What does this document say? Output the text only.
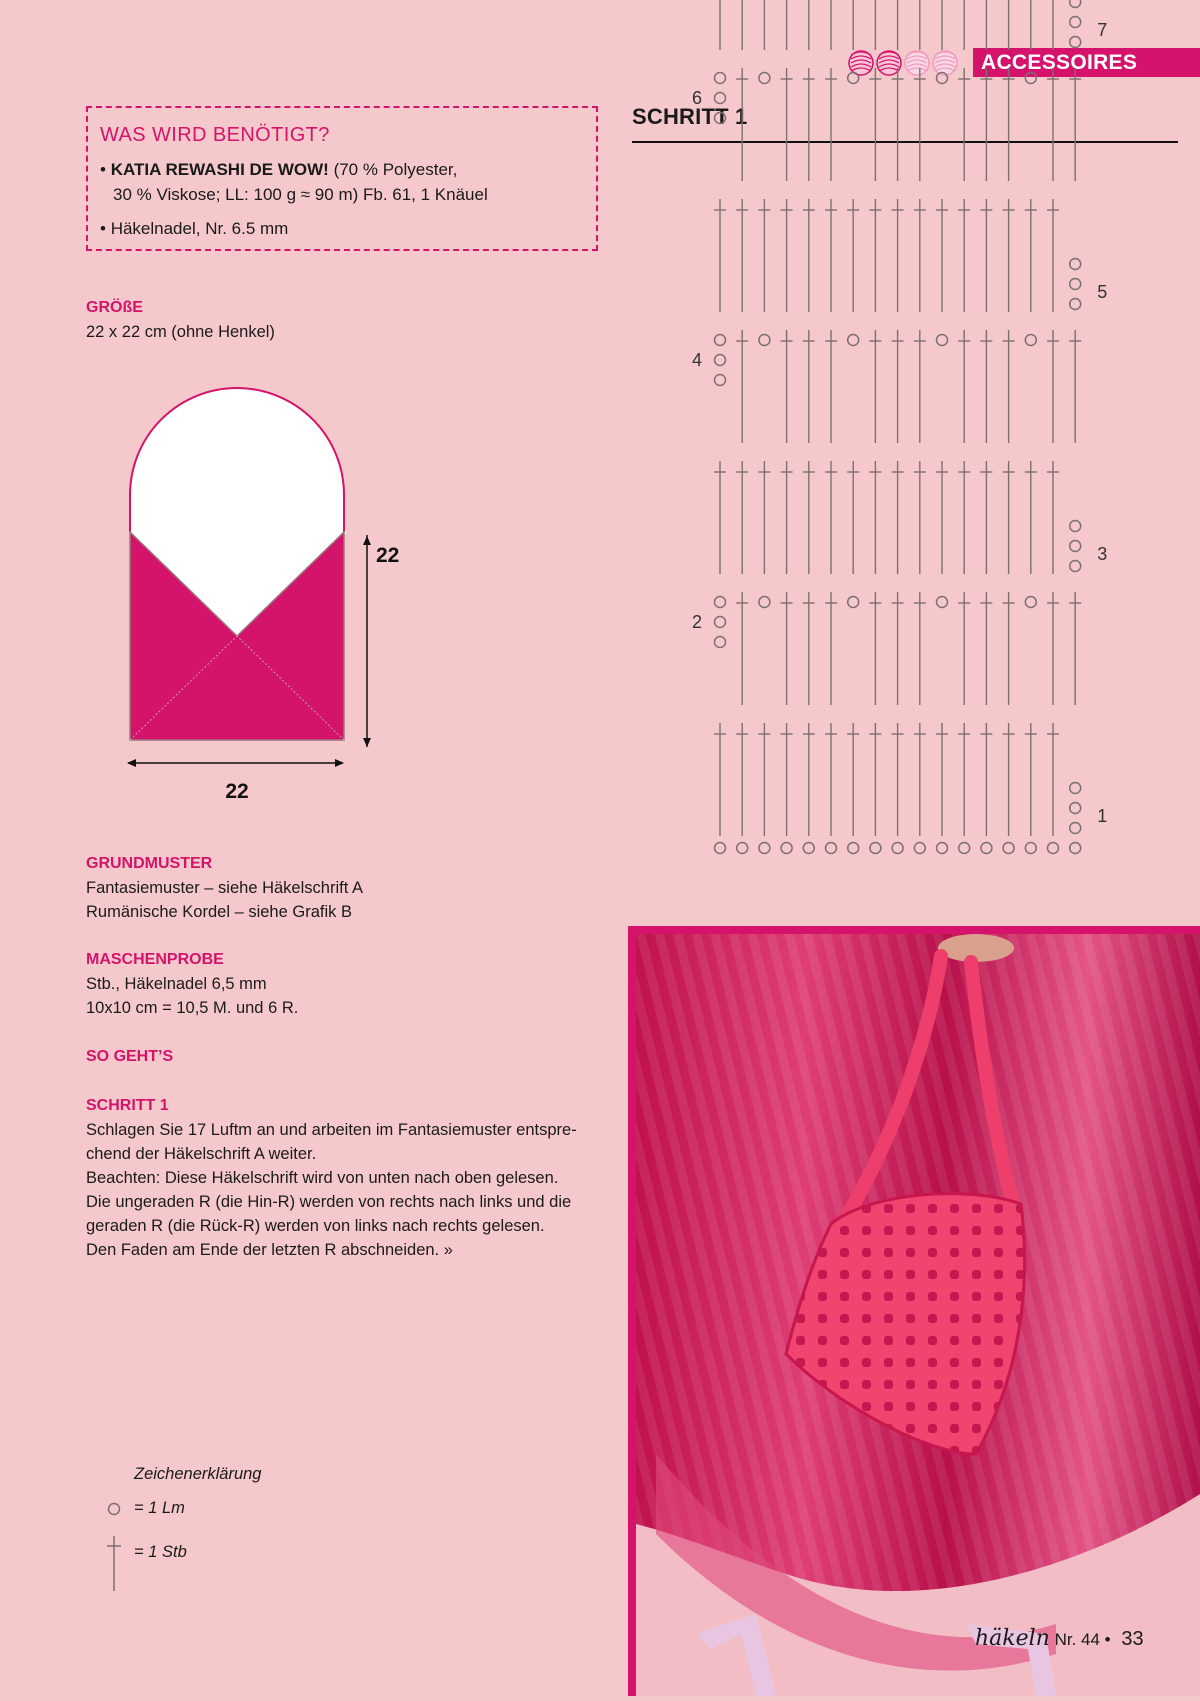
ACCESSOIRES
WAS WIRD BENÖTIGT?

• KATIA REWASHI DE WOW! (70 % Polyester,
30 % Viskose; LL: 100 g ≈ 90 m) Fb. 61, 1 Knäuel

• Häkelnadel, Nr. 6.5 mm

GRÖßE

22 x 22 cm (ohne Henkel)

22
22

GRUNDMUSTER

Fantasiemuster – siehe Häkelschrift A

Rumänische Kordel – siehe Grafik B

MASCHENPROBE

Stb., Häkelnadel 6,5 mm

10x10 cm = 10,5 M. und 6 R.

SO GEHT’S

SCHRITT 1

Schlagen Sie 17 Luftm an und arbeiten im Fantasiemuster entspre-

chend der Häkelschrift A weiter.

Beachten: Diese Häkelschrift wird von unten nach oben gelesen.

Die ungeraden R (die Hin-R) werden von rechts nach links und die

geraden R (die Rück-R) werden von links nach rechts gelesen.

Den Faden am Ende der letzten R abschneiden. »

Zeichenerklärung
= 1 Lm
= 1 Stb
SCHRITT 1
1
2
3
4
5
6
7
häkeln Nr. 44 • 33
